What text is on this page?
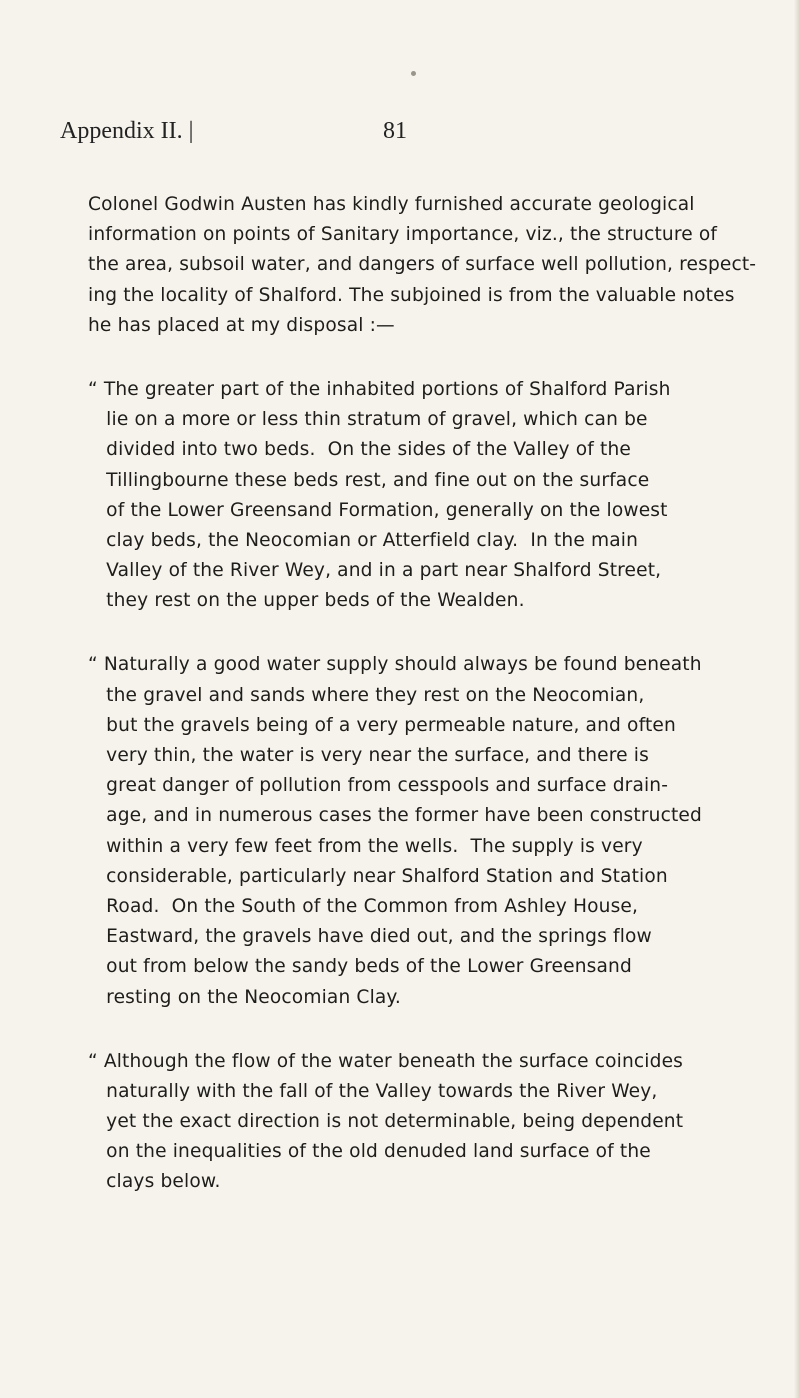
Appendix II. |	81
Colonel Godwin Austen has kindly furnished accurate geological
information on points of Sanitary importance, viz., the structure of
the area, subsoil water, and dangers of surface well pollution, respect-
ing the locality of Shalford. The subjoined is from the valuable notes
he has placed at my disposal :—
“ The greater part of the inhabited portions of Shalford Parish
lie on a more or less thin stratum of gravel, which can be
divided into two beds.  On the sides of the Valley of the
Tillingbourne these beds rest, and fine out on the surface
of the Lower Greensand Formation, generally on the lowest
clay beds, the Neocomian or Atterfield clay.  In the main
Valley of the River Wey, and in a part near Shalford Street,
they rest on the upper beds of the Wealden.
“ Naturally a good water supply should always be found beneath
the gravel and sands where they rest on the Neocomian,
but the gravels being of a very permeable nature, and often
very thin, the water is very near the surface, and there is
great danger of pollution from cesspools and surface drain-
age, and in numerous cases the former have been constructed
within a very few feet from the wells.  The supply is very
considerable, particularly near Shalford Station and Station
Road.  On the South of the Common from Ashley House,
Eastward, the gravels have died out, and the springs flow
out from below the sandy beds of the Lower Greensand
resting on the Neocomian Clay.
“ Although the flow of the water beneath the surface coincides
naturally with the fall of the Valley towards the River Wey,
yet the exact direction is not determinable, being dependent
on the inequalities of the old denuded land surface of the
clays below.
